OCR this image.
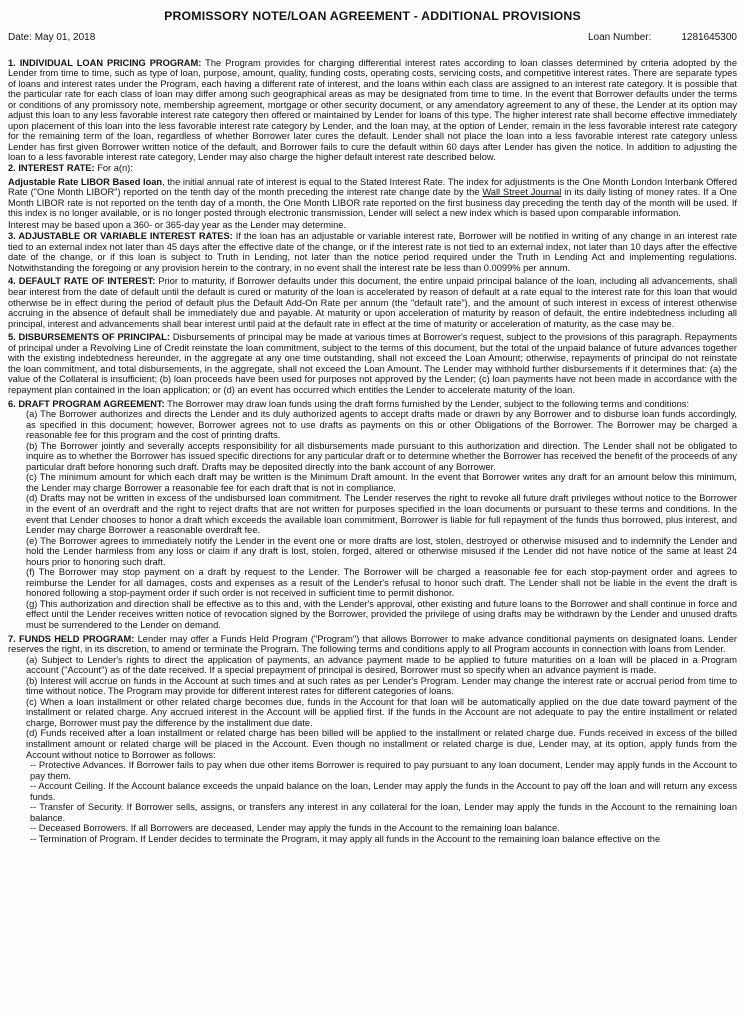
PROMISSORY NOTE/LOAN AGREEMENT - ADDITIONAL PROVISIONS
Date: May 01, 2018	Loan Number:	1281645300

1. INDIVIDUAL LOAN PRICING PROGRAM: The Program provides for charging differential interest rates according to loan classes determined by criteria adopted by the Lender from time to time, such as type of loan, purpose, amount, quality, funding costs, operating costs, servicing costs, and competitive interest rates. There are separate types of loans and interest rates under the Program, each having a different rate of interest, and the loans within each class are assigned to an interest rate category. It is possible that the particular rate for each class of loan may differ among such geographical areas as may be designated from time to time. In the event that Borrower defaults under the terms or conditions of any promissory note, membership agreement, mortgage or other security document, or any amendatory agreement to any of these, the Lender at its option may adjust this loan to any less favorable interest rate category then offered or maintained by Lender for loans of this type. The higher interest rate shall become effective immediately upon placement of this loan into the less favorable interest rate category by Lender, and the loan may, at the option of Lender, remain in the less favorable interest rate category for the remaining term of the loan, regardless of whether Borrower later cures the default. Lender shall not place the loan into a less favorable interest rate category unless Lender has first given Borrower written notice of the default, and Borrower fails to cure the default within 60 days after Lender has given the notice. In addition to adjusting the loan to a less favorable interest rate category, Lender may also charge the higher default interest rate described below.

2. INTEREST RATE: For a(n):

Adjustable Rate LIBOR Based loan, the initial annual rate of interest is equal to the Stated Interest Rate. The index for adjustments is the One Month London Interbank Offered Rate ("One Month LIBOR") reported on the tenth day of the month preceding the interest rate change date by the Wall Street Journal in its daily listing of money rates. If a One Month LIBOR rate is not reported on the tenth day of a month, the One Month LIBOR rate reported on the first business day preceding the tenth day of the month will be used. If this index is no longer available, or is no longer posted through electronic transmission, Lender will select a new index which is based upon comparable information.

Interest may be based upon a 360- or 365-day year as the Lender may determine.

3. ADJUSTABLE OR VARIABLE INTEREST RATES: If the loan has an adjustable or variable interest rate, Borrower will be notified in writing of any change in an interest rate tied to an external index not later than 45 days after the effective date of the change, or if the interest rate is not tied to an external index, not later than 10 days after the effective date of the change, or if this loan is subject to Truth in Lending, not later than the notice period required under the Truth in Lending Act and implementing regulations. Notwithstanding the foregoing or any provision herein to the contrary, in no event shall the interest rate be less than 0.0099% per annum.

4. DEFAULT RATE OF INTEREST: Prior to maturity, if Borrower defaults under this document, the entire unpaid principal balance of the loan, including all advancements, shall bear interest from the date of default until the default is cured or maturity of the loan is accelerated by reason of default at a rate equal to the interest rate for this loan that would otherwise be in effect during the period of default plus the Default Add-On Rate per annum (the "default rate"), and the amount of such interest in excess of interest otherwise accruing in the absence of default shall be immediately due and payable. At maturity or upon acceleration of maturity by reason of default, the entire indebtedness including all principal, interest and advancements shall bear interest until paid at the default rate in effect at the time of maturity or acceleration of maturity, as the case may be.

5. DISBURSEMENTS OF PRINCIPAL: Disbursements of principal may be made at various times at Borrower's request, subject to the provisions of this paragraph. Repayments of principal under a Revolving Line of Credit reinstate the loan commitment, subject to the terms of this document, but the total of the unpaid balance of future advances together with the existing indebtedness hereunder, in the aggregate at any one time outstanding, shall not exceed the Loan Amount; otherwise, repayments of principal do not reinstate the loan commitment, and total disbursements, in the aggregate, shall not exceed the Loan Amount. The Lender may withhold further disbursements if it determines that: (a) the value of the Collateral is insufficient; (b) loan proceeds have been used for purposes not approved by the Lender; (c) loan payments have not been made in accordance with the repayment plan contained in the loan application; or (d) an event has occurred which entitles the Lender to accelerate maturity of the loan.

6. DRAFT PROGRAM AGREEMENT: The Borrower may draw loan funds using the draft forms furnished by the Lender, subject to the following terms and conditions:

(a) The Borrower authorizes and directs the Lender and its duly authorized agents to accept drafts made or drawn by any Borrower and to disburse loan funds accordingly, as specified in this document; however, Borrower agrees not to use drafts as payments on this or other Obligations of the Borrower. The Borrower may be charged a reasonable fee for this program and the cost of printing drafts.

(b) The Borrower jointly and severally accepts responsibility for all disbursements made pursuant to this authorization and direction. The Lender shall not be obligated to inquire as to whether the Borrower has issued specific directions for any particular draft or to determine whether the Borrower has received the benefit of the proceeds of any particular draft before honoring such draft. Drafts may be deposited directly into the bank account of any Borrower.

(c) The minimum amount for which each draft may be written is the Minimum Draft amount. In the event that Borrower writes any draft for an amount below this minimum, the Lender may charge Borrower a reasonable fee for each draft that is not in compliance.

(d) Drafts may not be written in excess of the undisbursed loan commitment. The Lender reserves the right to revoke all future draft privileges without notice to the Borrower in the event of an overdraft and the right to reject drafts that are not written for purposes specified in the loan documents or pursuant to these terms and conditions. In the event that Lender chooses to honor a draft which exceeds the available loan commitment, Borrower is liable for full repayment of the funds thus borrowed, plus interest, and Lender may charge Borrower a reasonable overdraft fee.

(e) The Borrower agrees to immediately notify the Lender in the event one or more drafts are lost, stolen, destroyed or otherwise misused and to indemnify the Lender and hold the Lender harmless from any loss or claim if any draft is lost, stolen, forged, altered or otherwise misused if the Lender did not have notice of the same at least 24 hours prior to honoring such draft.

(f) The Borrower may stop payment on a draft by request to the Lender. The Borrower will be charged a reasonable fee for each stop-payment order and agrees to reimburse the Lender for all damages, costs and expenses as a result of the Lender's refusal to honor such draft. The Lender shall not be liable in the event the draft is honored following a stop-payment order if such order is not received in sufficient time to permit dishonor.

(g) This authorization and direction shall be effective as to this and, with the Lender's approval, other existing and future loans to the Borrower and shall continue in force and effect until the Lender receives written notice of revocation signed by the Borrower, provided the privilege of using drafts may be withdrawn by the Lender and unused drafts must be surrendered to the Lender on demand.

7. FUNDS HELD PROGRAM: Lender may offer a Funds Held Program ("Program") that allows Borrower to make advance conditional payments on designated loans. Lender reserves the right, in its discretion, to amend or terminate the Program. The following terms and conditions apply to all Program accounts in connection with loans from Lender.

(a) Subject to Lender's rights to direct the application of payments, an advance payment made to be applied to future maturities on a loan will be placed in a Program account ("Account") as of the date received. If a special prepayment of principal is desired, Borrower must so specify when an advance payment is made.

(b) Interest will accrue on funds in the Account at such times and at such rates as per Lender's Program. Lender may change the interest rate or accrual period from time to time without notice. The Program may provide for different interest rates for different categories of loans.

(c) When a loan installment or other related charge becomes due, funds in the Account for that loan will be automatically applied on the due date toward payment of the installment or related charge. Any accrued interest in the Account will be applied first. If the funds in the Account are not adequate to pay the entire installment or related charge, Borrower must pay the difference by the installment due date.

(d) Funds received after a loan installment or related charge has been billed will be applied to the installment or related charge due. Funds received in excess of the billed installment amount or related charge will be placed in the Account. Even though no installment or related charge is due, Lender may, at its option, apply funds from the Account without notice to Borrower as follows:

-- Protective Advances. If Borrower fails to pay when due other items Borrower is required to pay pursuant to any loan document, Lender may apply funds in the Account to pay them.

-- Account Ceiling. If the Account balance exceeds the unpaid balance on the loan, Lender may apply the funds in the Account to pay off the loan and will return any excess funds.

-- Transfer of Security. If Borrower sells, assigns, or transfers any interest in any collateral for the loan, Lender may apply the funds in the Account to the remaining loan balance.

-- Deceased Borrowers. If all Borrowers are deceased, Lender may apply the funds in the Account to the remaining loan balance.

-- Termination of Program. If Lender decides to terminate the Program, it may apply all funds in the Account to the remaining loan balance effective on the
